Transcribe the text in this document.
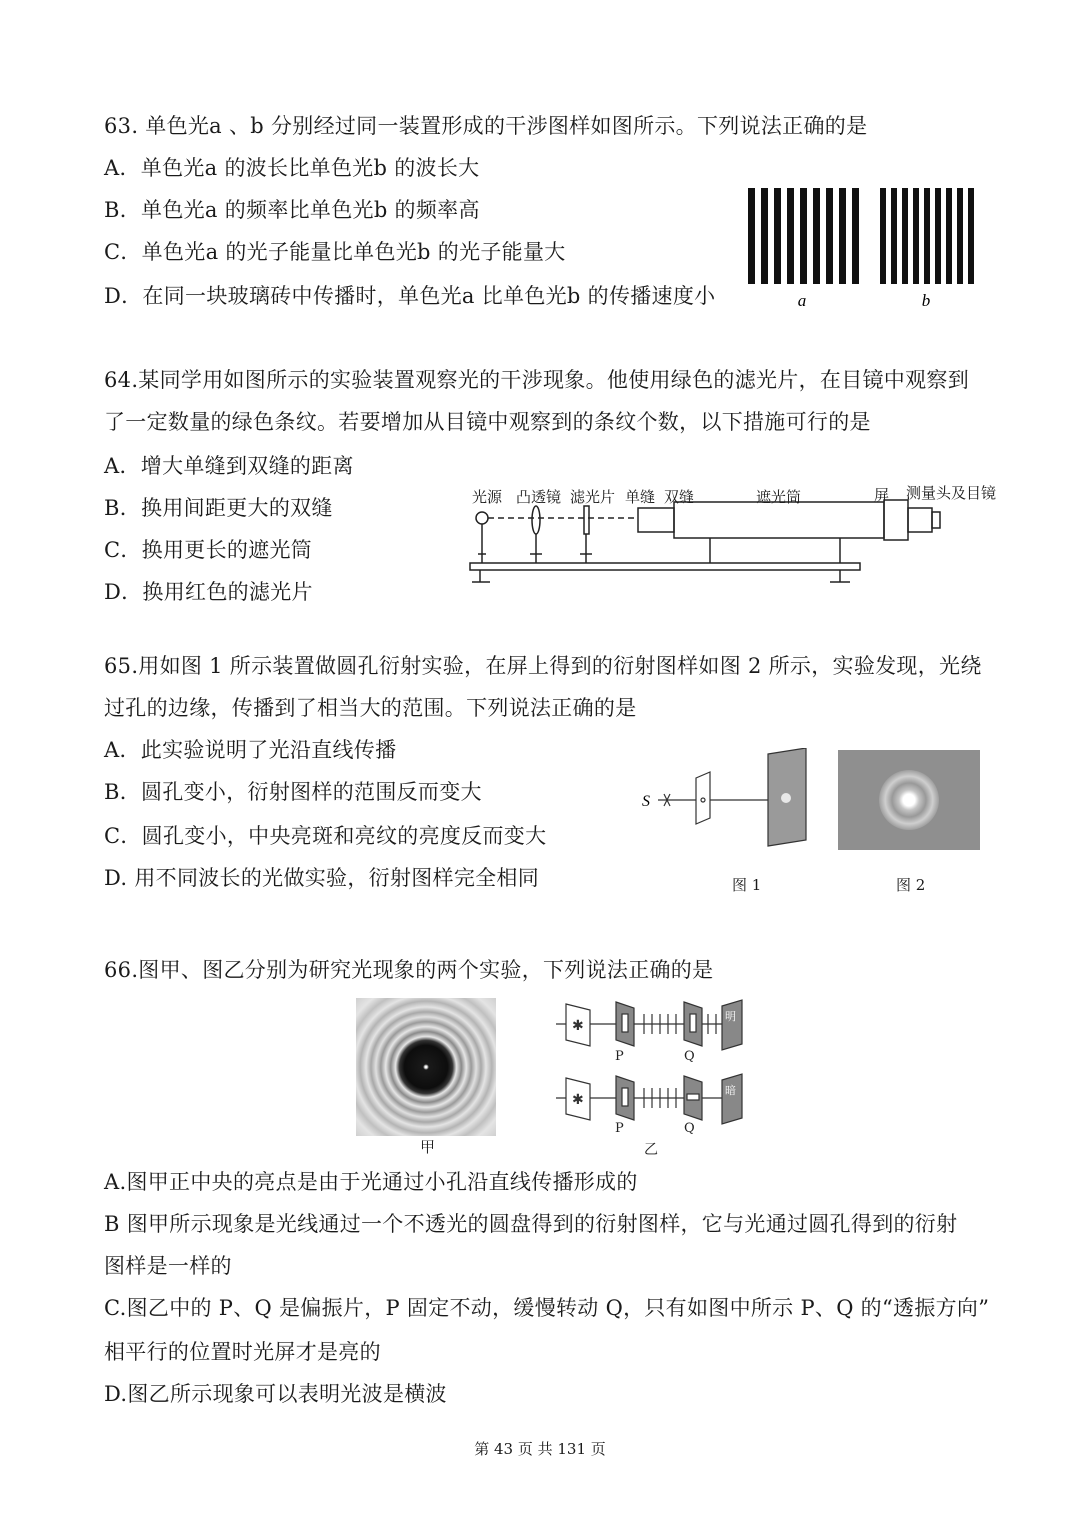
63. 单色光a 、b 分别经过同一装置形成的干涉图样如图所示。下列说法正确的是
A．单色光a 的波长比单色光b 的波长大
B．单色光a 的频率比单色光b 的频率高
C．单色光a 的光子能量比单色光b 的光子能量大
D．在同一块玻璃砖中传播时，单色光a 比单色光b 的传播速度小	a	b
64.某同学用如图所示的实验装置观察光的干涉现象。他使用绿色的滤光片，在目镜中观察到
了一定数量的绿色条纹。若要增加从目镜中观察到的条纹个数，以下措施可行的是
A．增大单缝到双缝的距离
B．换用间距更大的双缝
C．换用更长的遮光筒
D．换用红色的滤光片
光源 凸透镜 滤光片 单缝 双缝	遮光筒	屏 测量头及目镜
65.用如图 1 所示装置做圆孔衍射实验，在屏上得到的衍射图样如图 2 所示，实验发现，光绕
过孔的边缘，传播到了相当大的范围。下列说法正确的是
A．此实验说明了光沿直线传播
B．圆孔变小，衍射图样的范围反而变大
C．圆孔变小，中央亮斑和亮纹的亮度反而变大
D. 用不同波长的光做实验，衍射图样完全相同
S
图 1	图 2
66.图甲、图乙分别为研究光现象的两个实验，下列说法正确的是
甲
✱
✱
明
暗
P	Q
P	Q
乙
A.图甲正中央的亮点是由于光通过小孔沿直线传播形成的
B 图甲所示现象是光线通过一个不透光的圆盘得到的衍射图样，它与光通过圆孔得到的衍射
图样是一样的
C.图乙中的 P、Q 是偏振片，P 固定不动，缓慢转动 Q，只有如图中所示 P、Q 的“透振方向”
相平行的位置时光屏才是亮的
D.图乙所示现象可以表明光波是横波
第 43 页 共 131 页
